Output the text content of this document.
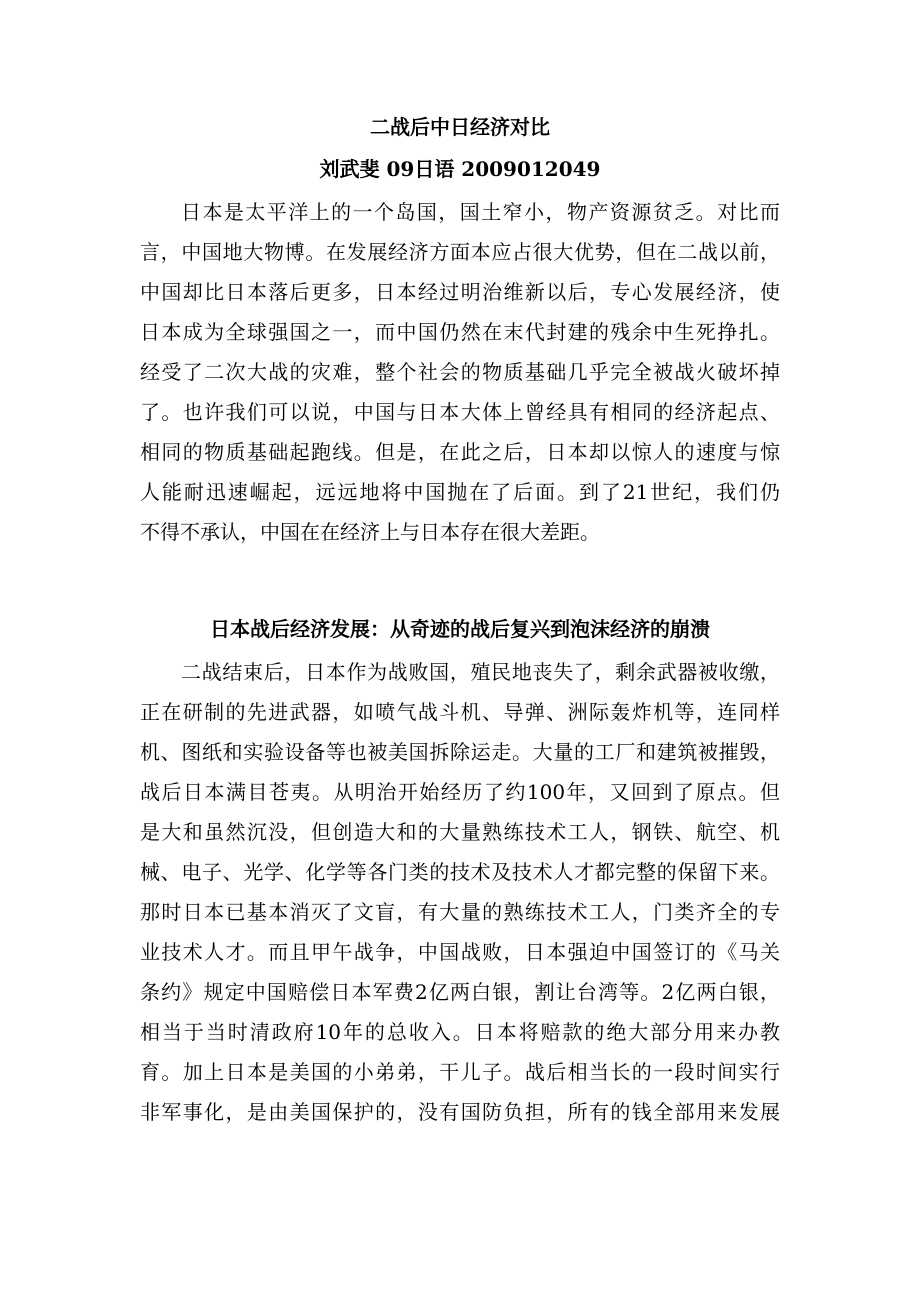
二战后中日经济对比
刘武斐 09日语 2009012049
日本是太平洋上的一个岛国，国土窄小，物产资源贫乏。对比而
言，中国地大物博。在发展经济方面本应占很大优势，但在二战以前，
中国却比日本落后更多，日本经过明治维新以后，专心发展经济，使
日本成为全球强国之一，而中国仍然在末代封建的残余中生死挣扎。
经受了二次大战的灾难，整个社会的物质基础几乎完全被战火破坏掉
了。也许我们可以说，中国与日本大体上曾经具有相同的经济起点、
相同的物质基础起跑线。但是，在此之后，日本却以惊人的速度与惊
人能耐迅速崛起，远远地将中国抛在了后面。到了21世纪，我们仍
不得不承认，中国在在经济上与日本存在很大差距。
日本战后经济发展：从奇迹的战后复兴到泡沫经济的崩溃
二战结束后，日本作为战败国，殖民地丧失了，剩余武器被收缴，
正在研制的先进武器，如喷气战斗机、导弹、洲际轰炸机等，连同样
机、图纸和实验设备等也被美国拆除运走。大量的工厂和建筑被摧毁，
战后日本满目苍夷。从明治开始经历了约100年，又回到了原点。但
是大和虽然沉没，但创造大和的大量熟练技术工人，钢铁、航空、机
械、电子、光学、化学等各门类的技术及技术人才都完整的保留下来。
那时日本已基本消灭了文盲，有大量的熟练技术工人，门类齐全的专
业技术人才。而且甲午战争，中国战败，日本强迫中国签订的《马关
条约》规定中国赔偿日本军费2亿两白银，割让台湾等。2亿两白银，
相当于当时清政府10年的总收入。日本将赔款的绝大部分用来办教
育。加上日本是美国的小弟弟，干儿子。战后相当长的一段时间实行
非军事化，是由美国保护的，没有国防负担，所有的钱全部用来发展
